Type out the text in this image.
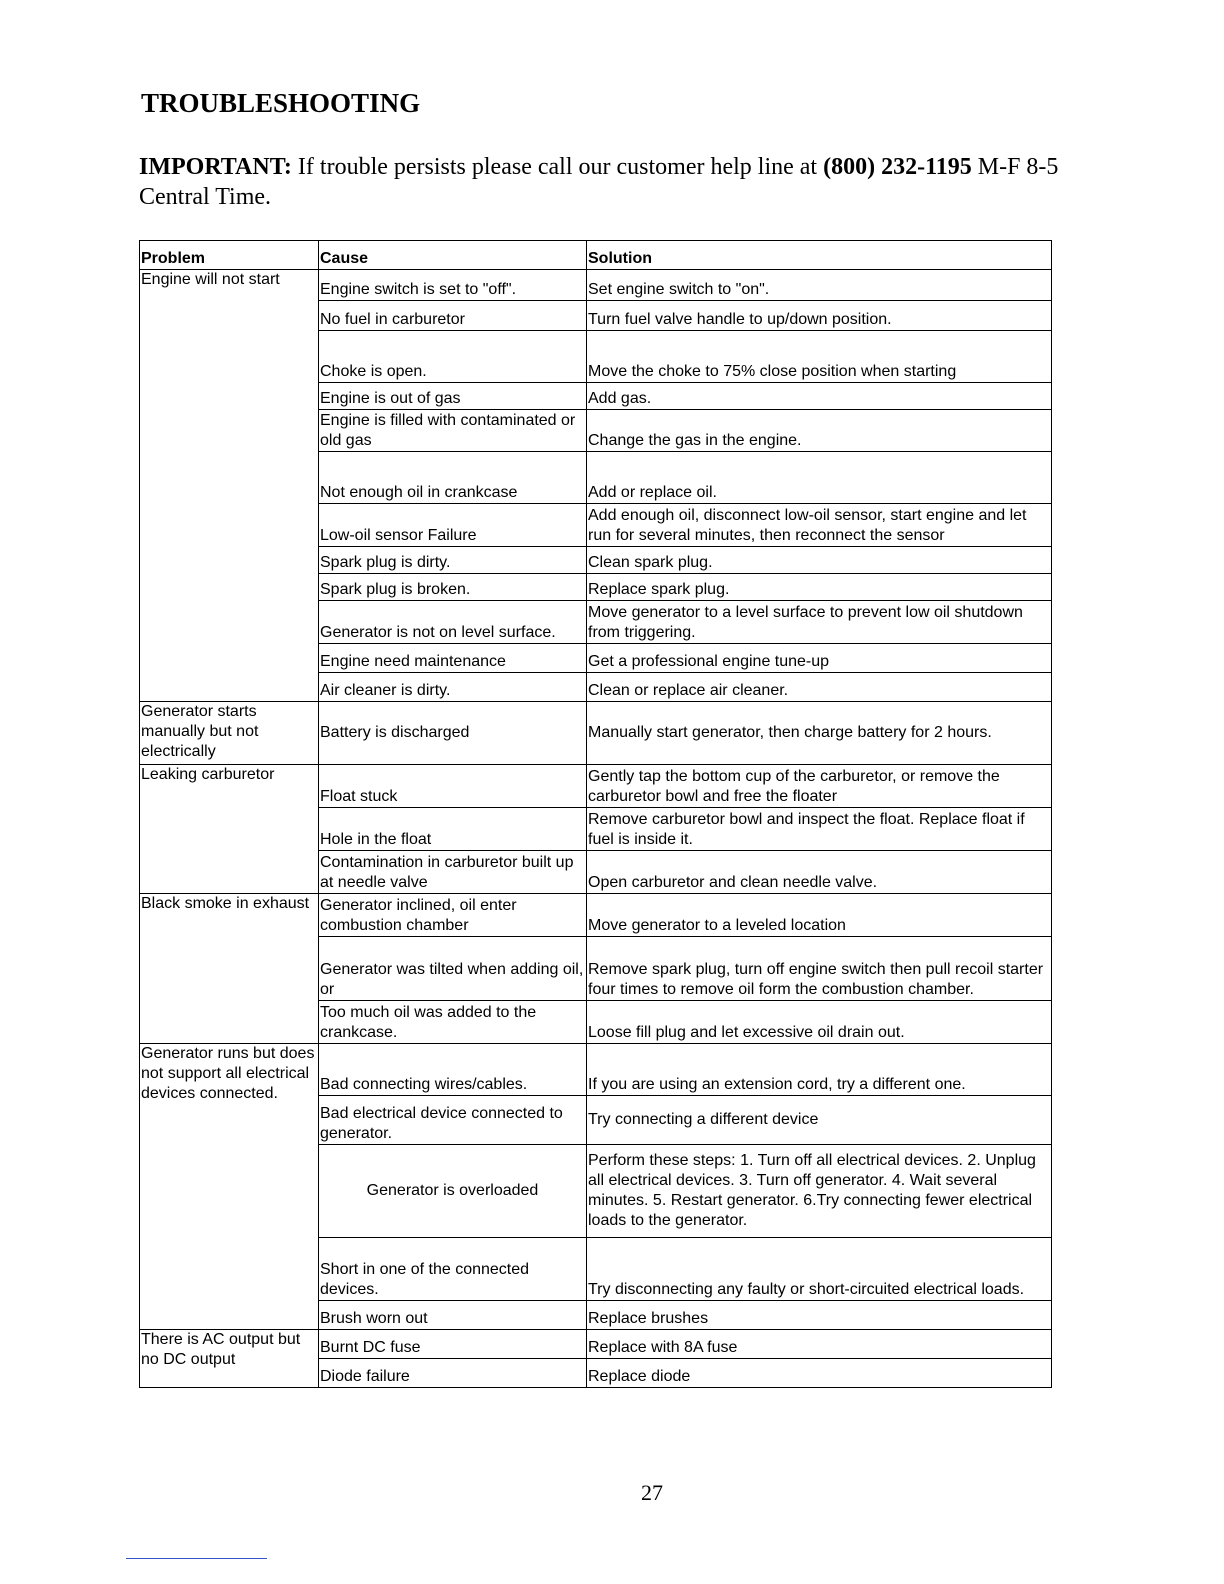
TROUBLESHOOTING

IMPORTANT: If trouble persists please call our customer help line at (800) 232-1195 M-F 8-5 Central Time.

Problem	Cause	Solution
Engine will not start	Engine switch is set to "off".	Set engine switch to "on".
	No fuel in carburetor	Turn fuel valve handle to up/down position.
	Choke is open.	Move the choke to 75% close position when starting
	Engine is out of gas	Add gas.
	Engine is filled with contaminated or old gas	Change the gas in the engine.
	Not enough oil in crankcase	Add or replace oil.
	Low-oil sensor Failure	Add enough oil, disconnect low-oil sensor, start engine and let run for several minutes, then reconnect the sensor
	Spark plug is dirty.	Clean spark plug.
	Spark plug is broken.	Replace spark plug.
	Generator is not on level surface.	Move generator to a level surface to prevent low oil shutdown from triggering.
	Engine need maintenance	Get a professional engine tune-up
	Air cleaner is dirty.	Clean or replace air cleaner.
Generator starts manually but not electrically	Battery is discharged	Manually start generator, then charge battery for 2 hours.
Leaking carburetor	Float stuck	Gently tap the bottom cup of the carburetor, or remove the carburetor bowl and free the floater
	Hole in the float	Remove carburetor bowl and inspect the float. Replace float if fuel is inside it.
	Contamination in carburetor built up at needle valve	Open carburetor and clean needle valve.
Black smoke in exhaust	Generator inclined, oil enter combustion chamber	Move generator to a leveled location
	Generator was tilted when adding oil, or	Remove spark plug, turn off engine switch then pull recoil starter four times to remove oil form the combustion chamber.
	Too much oil was added to the crankcase.	Loose fill plug and let excessive oil drain out.
Generator runs but does not support all electrical devices connected.	Bad connecting wires/cables.	If you are using an extension cord, try a different one.
	Bad electrical device connected to generator.	Try connecting a different device
	Generator is overloaded	Perform these steps: 1. Turn off all electrical devices. 2. Unplug all electrical devices. 3. Turn off generator. 4. Wait several minutes. 5. Restart generator. 6.Try connecting fewer electrical loads to the generator.
	Short in one of the connected devices.	Try disconnecting any faulty or short-circuited electrical loads.
	Brush worn out	Replace brushes
There is AC output but no DC output	Burnt DC fuse	Replace with 8A fuse
	Diode failure	Replace diode
27
